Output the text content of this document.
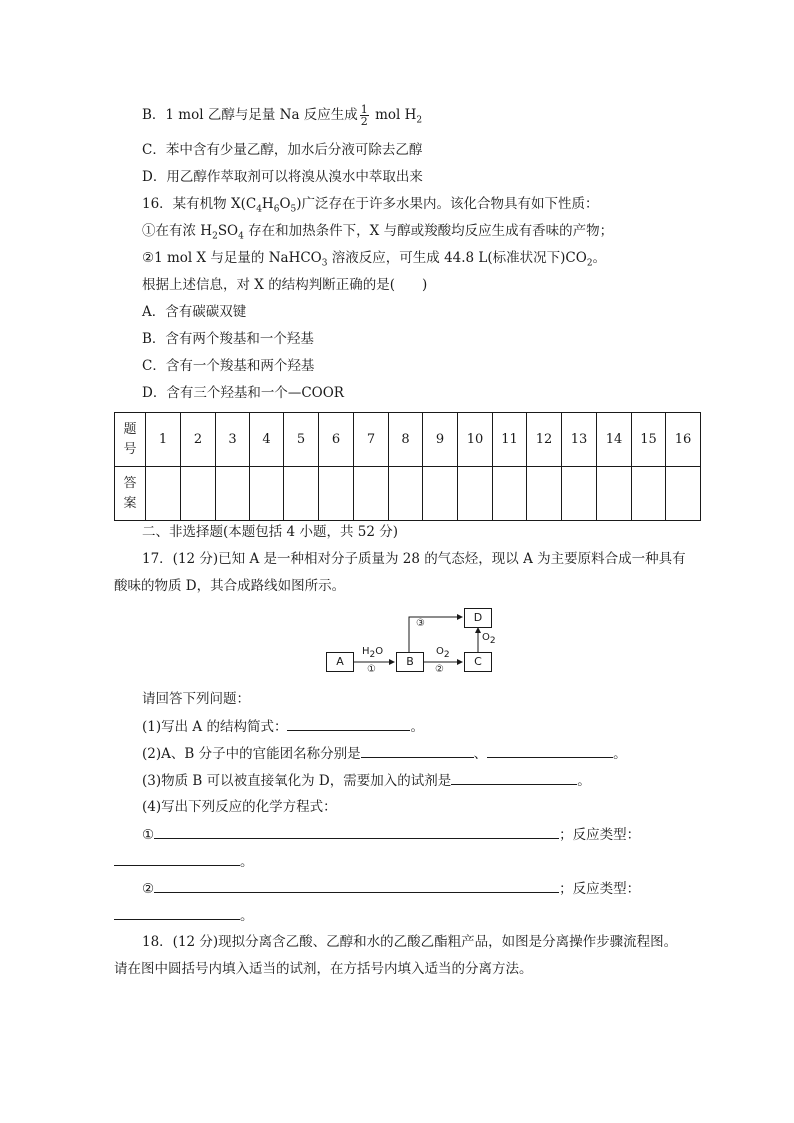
B．1 mol 乙醇与足量 Na 反应生成 $\frac{1}{2}$ mol $H_2$
C．苯中含有少量乙醇，加水后分液可除去乙醇
D．用乙醇作萃取剂可以将溴从溴水中萃取出来
16．某有机物 $X(C_4H_6O_5)$广泛存在于许多水果内。该化合物具有如下性质：
①在有浓 $H_2SO_4$ 存在和加热条件下，X 与醇或羧酸均反应生成有香味的产物；
②1 mol X 与足量的 NaHCO$_3$ 溶液反应，可生成 44.8 L(标准状况下)$CO_2$。
根据上述信息，对 X 的结构判断正确的是(　　)
A．含有碳碳双键
B．含有两个羧基和一个羟基
C．含有一个羧基和两个羟基
D．含有三个羟基和一个—COOR
题
号	1	2	3	4	5	6	7	8	9	10	11	12	13	14	15	16

答
案																

二、非选择题(本题包括 4 小题，共 52 分)
17．(12 分)已知 A 是一种相对分子质量为 28 的气态烃，现以 A 为主要原料合成一种具有
酸味的物质 D，其合成路线如图所示。
A	B	C
D
$H_2O$
①
$O_2$
②
$O_2$
③
请回答下列问题：
(1)写出 A 的结构简式：	。
(2)A、B 分子中的官能团名称分别是	、	。
(3)物质 B 可以被直接氧化为 D，需要加入的试剂是	。
(4)写出下列反应的化学方程式：
①	；反应类型：
。
②	；反应类型：
。
18．(12 分)现拟分离含乙酸、乙醇和水的乙酸乙酯粗产品，如图是分离操作步骤流程图。
请在图中圆括号内填入适当的试剂，在方括号内填入适当的分离方法。
